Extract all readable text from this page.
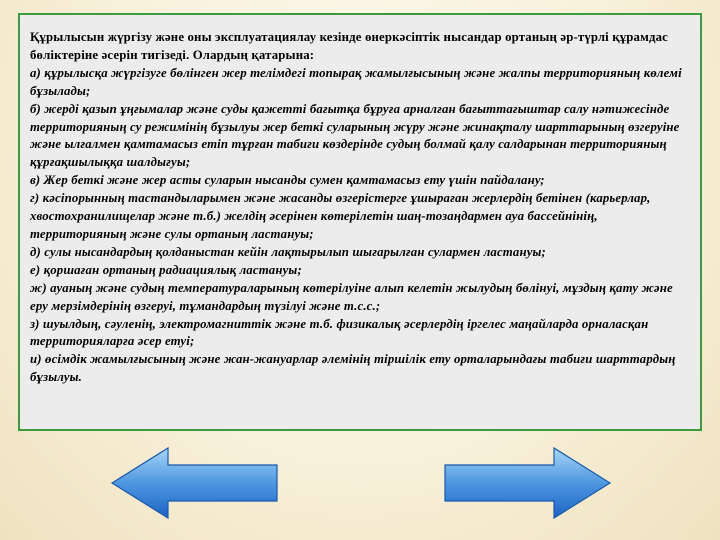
Құрылысын жүргізу және оны эксплуатациялау кезінде өнеркәсіптік нысандар ортаның әр-түрлі құрамдас бөліктеріне әсерін тигізеді. Олардың қатарына:

а) құрылысқа жүргізуге бөлінген жер телімдегі топырақ жамылғысының және жалпы территорияның көлемі бұзылады;

б) жерді қазып ұңғымалар және суды қажетті бағытқа бұруға арналған бағыттағыштар салу нәтижесінде территорияның су режимінің бұзылуы жер беткі суларының жүру және жинақталу шарттарының өзгеруіне және ылғалмен қамтамасыз етіп тұрған табиғи көздерінде судың болмай қалу салдарынан территорияның құрғақшылыққа шалдығуы;

в) Жер беткі және жер асты суларын нысанды сумен қамтамасыз ету үшін пайдалану;

г) кәсіпорынның тастандыларымен және жасанды өзгерістерге ұшыраған жерлердің бетінен (карьерлар, хвостохранилищелар және т.б.) желдің әсерінен көтерілетін шаң-тозаңдармен ауа бассейнінің, территорияның және сулы ортаның ластануы;

д) сулы нысандардың қолданыстан кейін лақтырылып шығарылған сулармен ластануы;

е) қоршаған ортаның радиациялық ластануы;

ж) ауаның және судың температураларының көтерілуіне алып келетін жылудың бөлінуі, мұздың қату және еру мерзімдерінің өзгеруі, тұмандардың түзілуі және т.с.с.;

з) шуылдың, сәуленің, электромагниттік және т.б. физикалық әсерлердің іргелес маңайларда орналасқан территорияларға әсер етуі;

и) өсімдік жамылғысының және жан-жануарлар әлемінің тіршілік ету орталарындағы табиғи шарттардың бұзылуы.
